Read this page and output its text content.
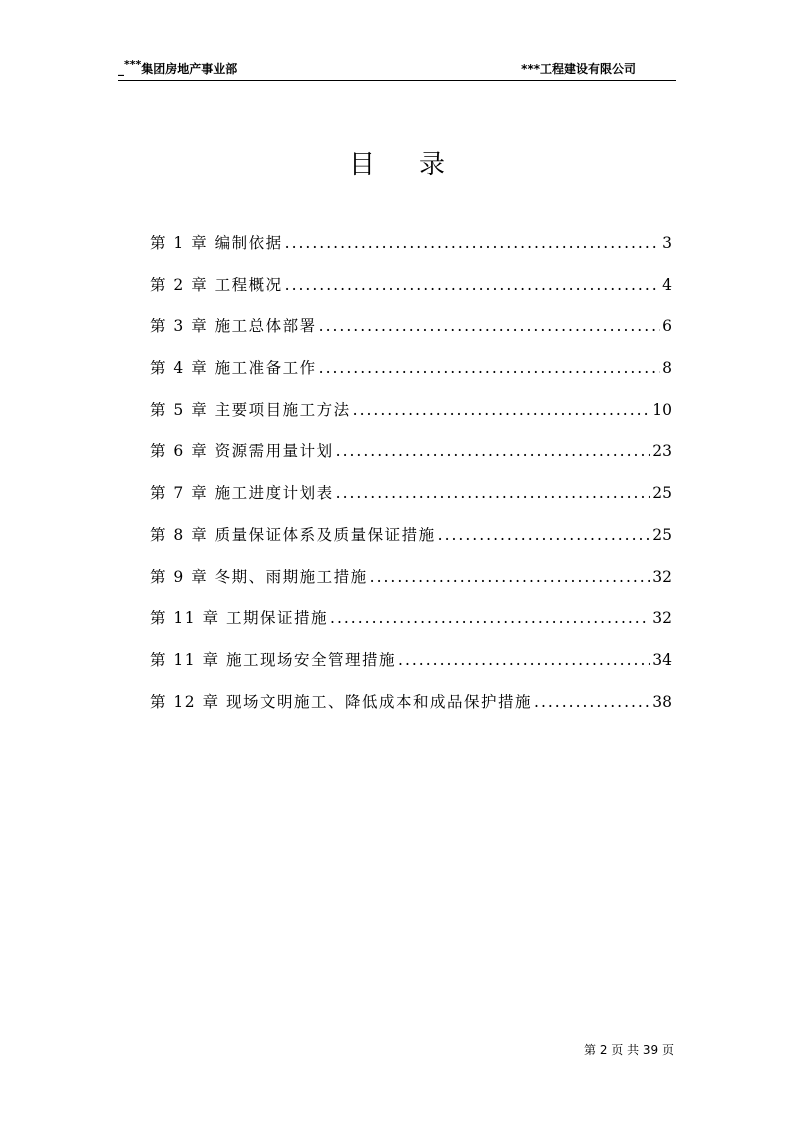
_***集团房地产事业部	***工程建设有限公司
目录
第 1 章 编制依据 .....	3
第 2 章 工程概况 .....	4
第 3 章 施工总体部署 .....	6
第 4 章 施工准备工作 .....	8
第 5 章 主要项目施工方法 .....	10
第 6 章 资源需用量计划 .....	23
第 7 章 施工进度计划表 .....	25
第 8 章 质量保证体系及质量保证措施 .....	25
第 9 章 冬期、雨期施工措施 .....	32
第 11 章 工期保证措施 .....	32
第 11 章 施工现场安全管理措施 .....	34
第 12 章 现场文明施工、降低成本和成品保护措施 .....	38
第 2 页 共 39 页
